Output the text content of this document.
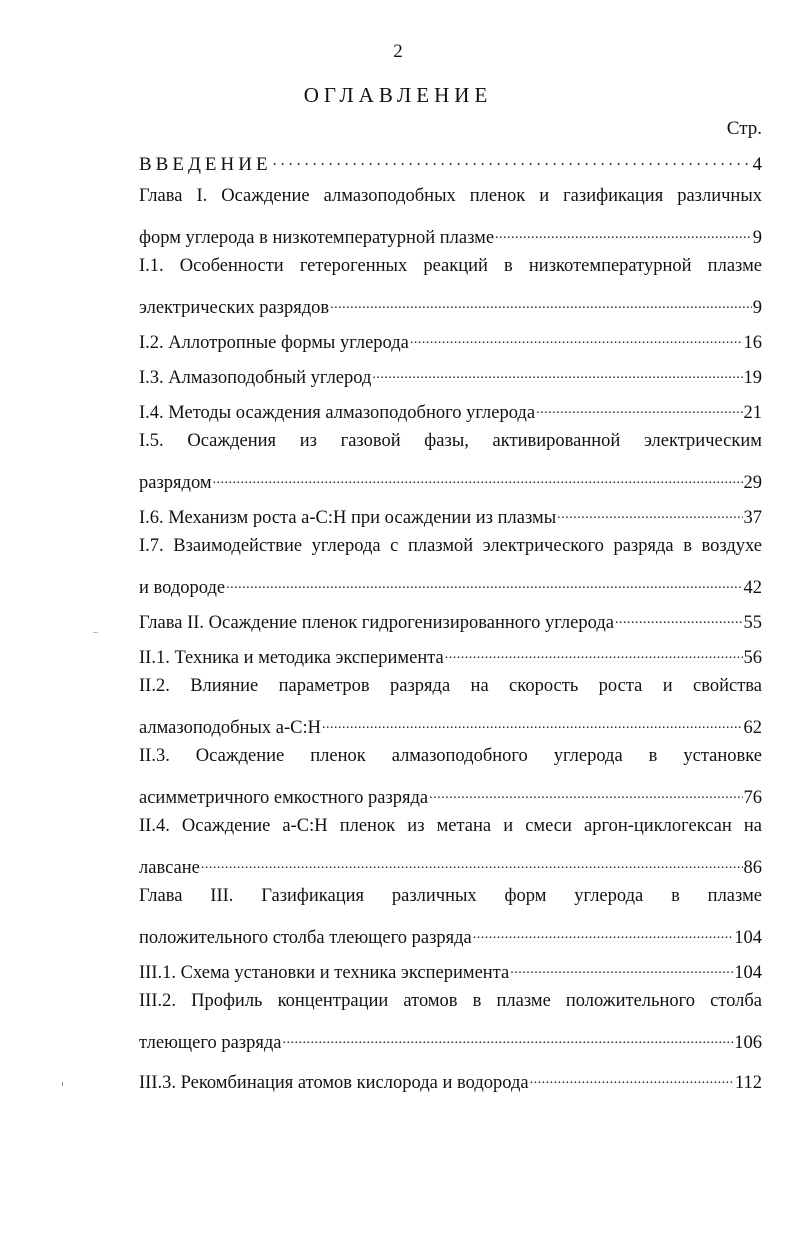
2
ОГЛАВЛЕНИЕ
Стр.
ВВЕДЕНИЕ .....	4
Глава I. Осаждение алмазоподобных пленок и газификация различных
форм углерода в низкотемпературной плазме .....	9
I.1. Особенности гетерогенных реакций в низкотемпературной плазме
электрических разрядов .....	9
I.2. Аллотропные формы углерода .....	16
I.3. Алмазоподобный углерод .....	19
I.4. Методы осаждения алмазоподобного углерода .....	21
I.5. Осаждения из газовой фазы, активированной электрическим
разрядом .....	29
I.6. Механизм роста a-C:H при осаждении из плазмы .....	37
I.7. Взаимодействие углерода с плазмой электрического разряда в воздухе
и водороде .....	42
Глава II. Осаждение пленок гидрогенизированного углерода .....	55
II.1. Техника и методика эксперимента .....	56
II.2. Влияние параметров разряда на скорость роста и свойства
алмазоподобных a-C:H .....	62
II.3. Осаждение пленок алмазоподобного углерода в установке
асимметричного емкостного разряда .....	76
II.4. Осаждение a-C:H пленок из метана и смеси аргон-циклогексан на
лавсане .....	86
Глава III. Газификация различных форм углерода в плазме
положительного столба тлеющего разряда .....	104
III.1. Схема установки и техника эксперимента .....	104
III.2. Профиль концентрации атомов в плазме положительного столба
тлеющего разряда .....	106
III.3. Рекомбинация атомов кислорода и водорода .....	112
